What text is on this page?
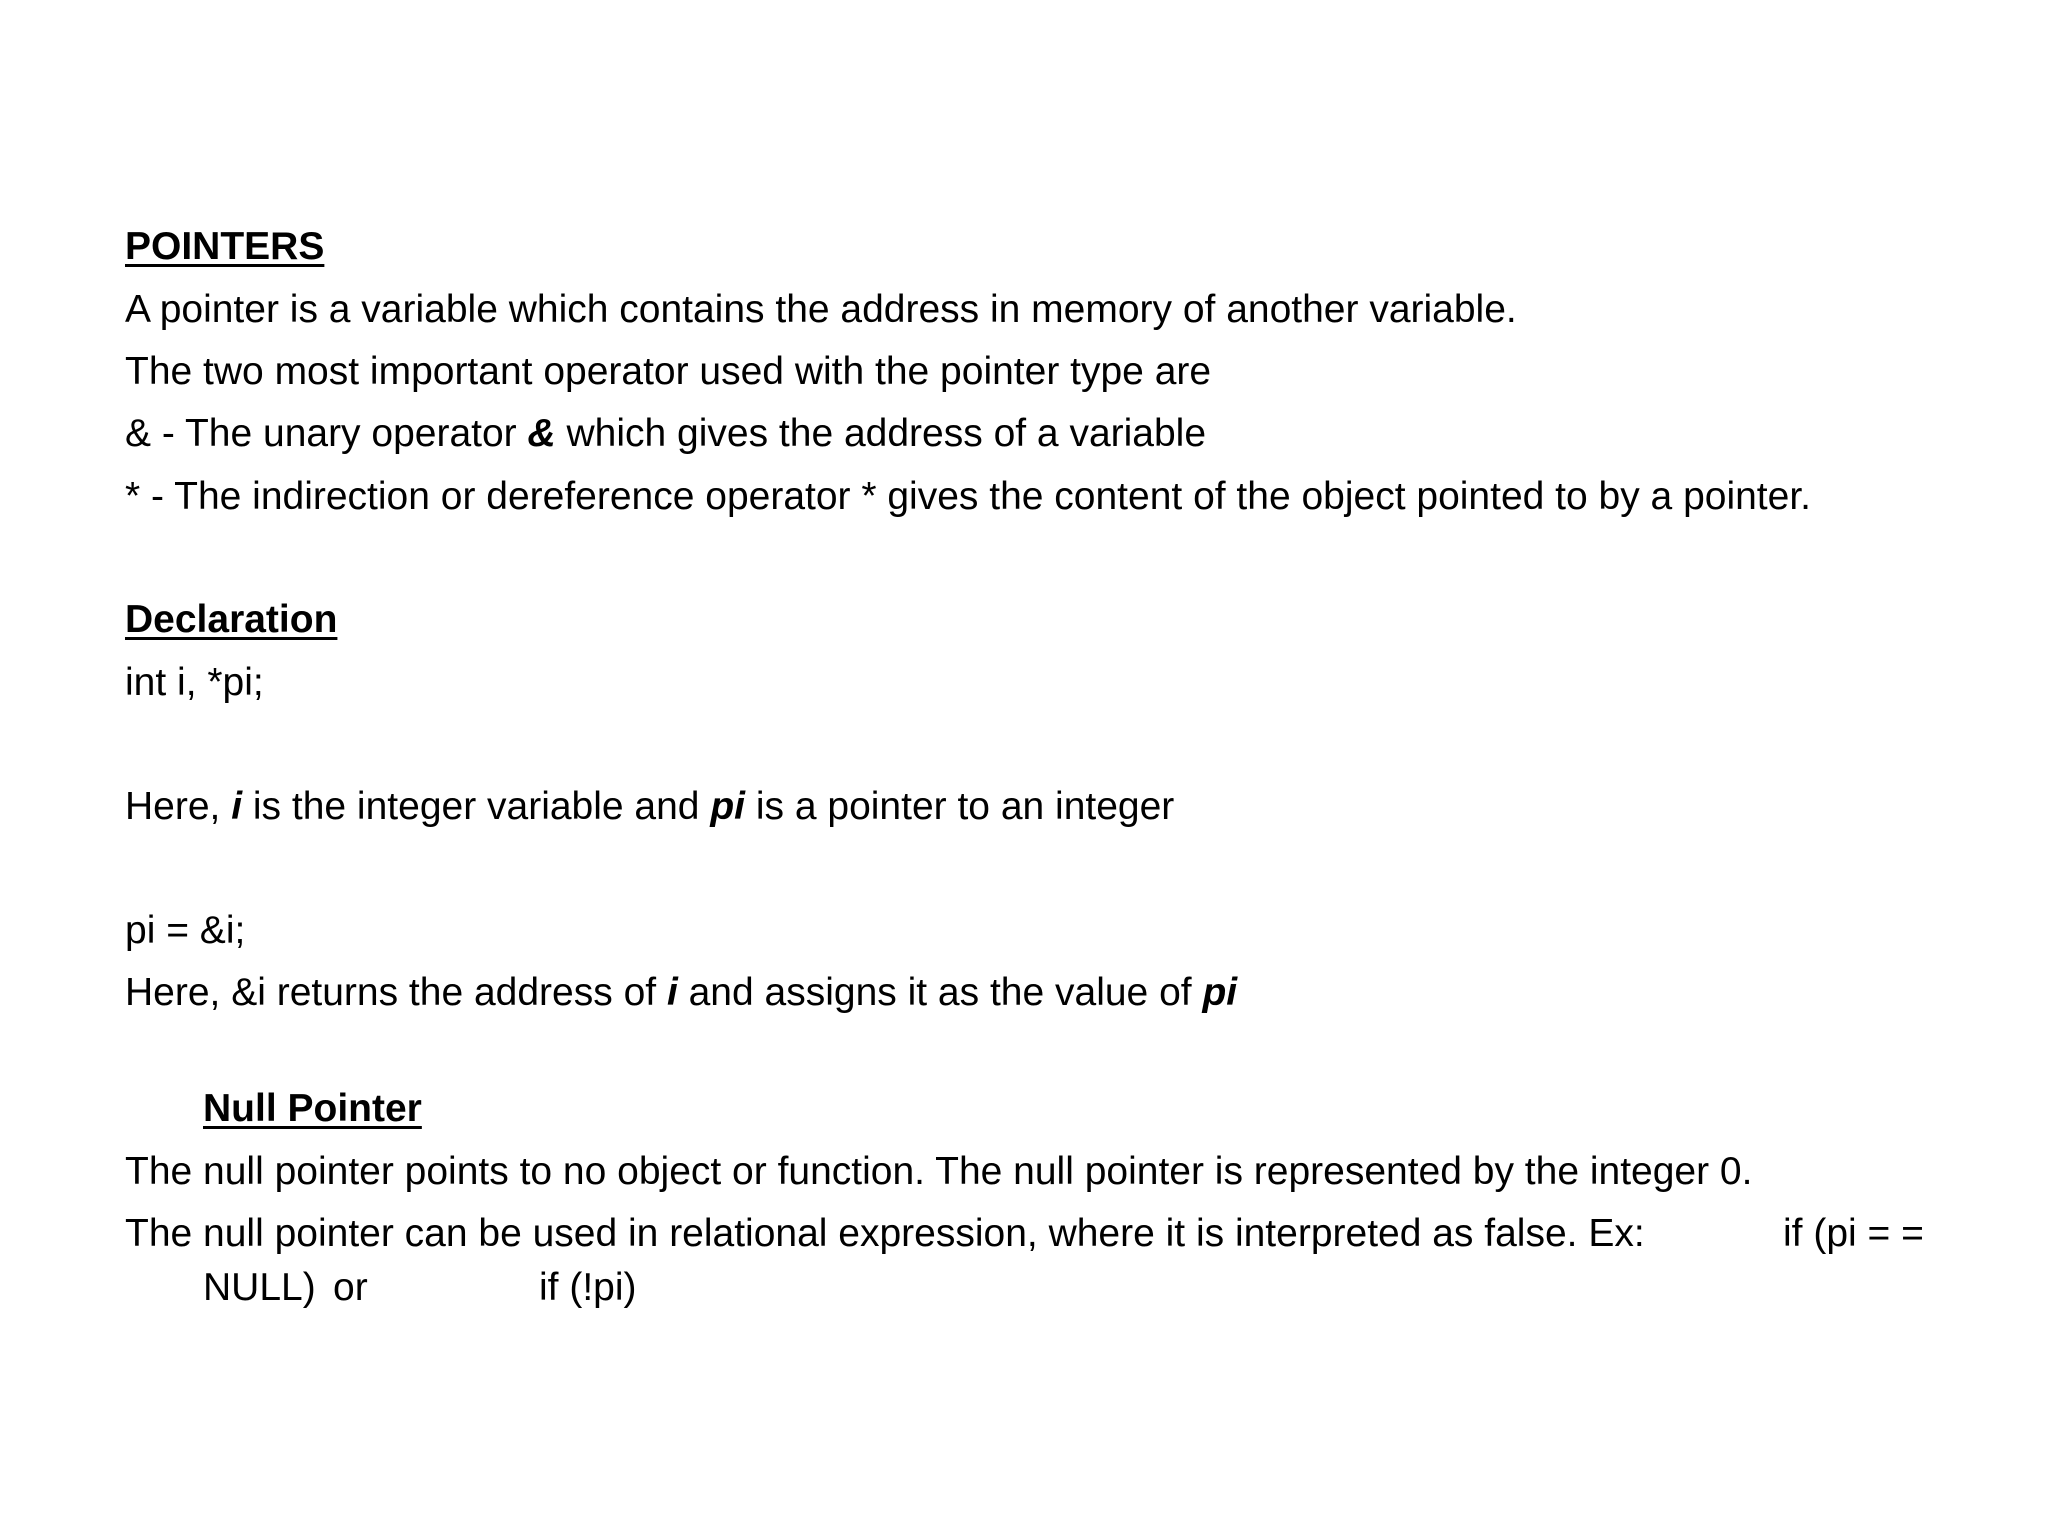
POINTERS
A pointer is a variable which contains the address in memory of another variable.
The two most important operator used with the pointer type are
& - The unary operator & which gives the address of a variable
* - The indirection or dereference operator * gives the content of the object pointed to by a pointer.
Declaration
int i, *pi;
Here, i is the integer variable and pi is a pointer to an integer
pi = &i;
Here, &i returns the address of i and assigns it as the value of pi
Null Pointer
The null pointer points to no object or function. The null pointer is represented by the integer 0.
The null pointer can be used in relational expression, where it is interpreted as false. Ex:	if (pi = =
NULL) or	if (!pi)
